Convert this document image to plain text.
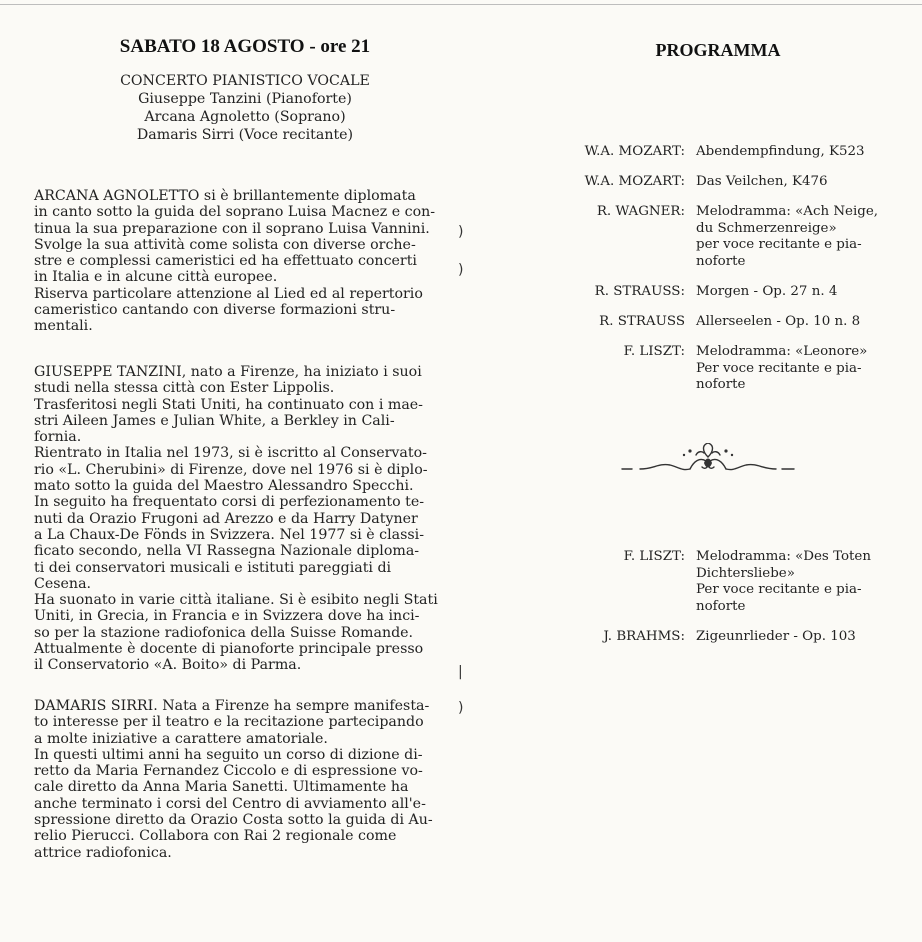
SABATO 18 AGOSTO - ore 21
CONCERTO PIANISTICO VOCALE
Giuseppe Tanzini (Pianoforte)
Arcana Agnoletto (Soprano)
Damaris Sirri (Voce recitante)
ARCANA AGNOLETTO si è brillantemente diplomata
in canto sotto la guida del soprano Luisa Macnez e con-
tinua la sua preparazione con il soprano Luisa Vannini.
Svolge la sua attività come solista con diverse orche-
stre e complessi cameristici ed ha effettuato concerti
in Italia e in alcune città europee.
Riserva particolare attenzione al Lied ed al repertorio
cameristico cantando con diverse formazioni stru-
mentali.
GIUSEPPE TANZINI, nato a Firenze, ha iniziato i suoi
studi nella stessa città con Ester Lippolis.
Trasferitosi negli Stati Uniti, ha continuato con i mae-
stri Aileen James e Julian White, a Berkley in Cali-
fornia.
Rientrato in Italia nel 1973, si è iscritto al Conservato-
rio «L. Cherubini» di Firenze, dove nel 1976 si è diplo-
mato sotto la guida del Maestro Alessandro Specchi.
In seguito ha frequentato corsi di perfezionamento te-
nuti da Orazio Frugoni ad Arezzo e da Harry Datyner
a La Chaux-De Fönds in Svizzera. Nel 1977 si è classi-
ficato secondo, nella VI Rassegna Nazionale diploma-
ti dei conservatori musicali e istituti pareggiati di
Cesena.
Ha suonato in varie città italiane. Si è esibito negli Stati
Uniti, in Grecia, in Francia e in Svizzera dove ha inci-
so per la stazione radiofonica della Suisse Romande.
Attualmente è docente di pianoforte principale presso
il Conservatorio «A. Boito» di Parma.
DAMARIS SIRRI. Nata a Firenze ha sempre manifesta-
to interesse per il teatro e la recitazione partecipando
a molte iniziative a carattere amatoriale.
In questi ultimi anni ha seguito un corso di dizione di-
retto da Maria Fernandez Ciccolo e di espressione vo-
cale diretto da Anna Maria Sanetti. Ultimamente ha
anche terminato i corsi del Centro di avviamento all'e-
spressione diretto da Orazio Costa sotto la guida di Au-
relio Pierucci. Collabora con Rai 2 regionale come
attrice radiofonica.
)
)
|
)
PROGRAMMA
W.A. MOZART: Abendempfindung, K523
W.A. MOZART: Das Veilchen, K476
R. WAGNER: Melodramma: «Ach Neige,
du Schmerzenreige»
per voce recitante e pia-
noforte
R. STRAUSS: Morgen - Op. 27 n. 4
R. STRAUSS Allerseelen - Op. 10 n. 8
F. LISZT: Melodramma: «Leonore»
Per voce recitante e pia-
noforte
F. LISZT: Melodramma: «Des Toten
Dichtersliebe»
Per voce recitante e pia-
noforte
J. BRAHMS: Zigeunrlieder - Op. 103
